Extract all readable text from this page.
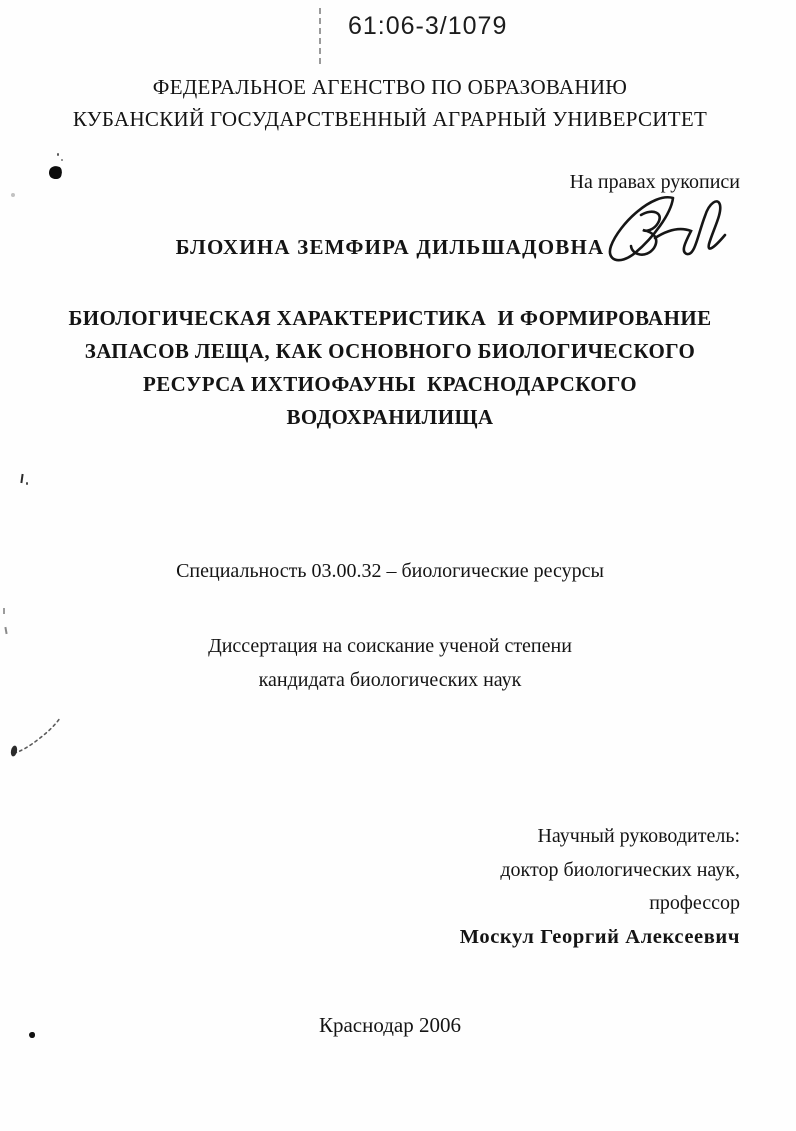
61:06-3/1079
ФЕДЕРАЛЬНОЕ АГЕНСТВО ПО ОБРАЗОВАНИЮ
КУБАНСКИЙ ГОСУДАРСТВЕННЫЙ АГРАРНЫЙ УНИВЕРСИТЕТ
На правах рукописи
БЛОХИНА ЗЕМФИРА ДИЛЬШАДОВНА
БИОЛОГИЧЕСКАЯ ХАРАКТЕРИСТИКА  И ФОРМИРОВАНИЕ
ЗАПАСОВ ЛЕЩА, КАК ОСНОВНОГО БИОЛОГИЧЕСКОГО
РЕСУРСА ИХТИОФАУНЫ  КРАСНОДАРСКОГО
ВОДОХРАНИЛИЩА
Специальность 03.00.32 – биологические ресурсы
Диссертация на соискание ученой степени
кандидата биологических наук
Научный руководитель:
доктор биологических наук,
профессор
Москул Георгий Алексеевич
Краснодар 2006
